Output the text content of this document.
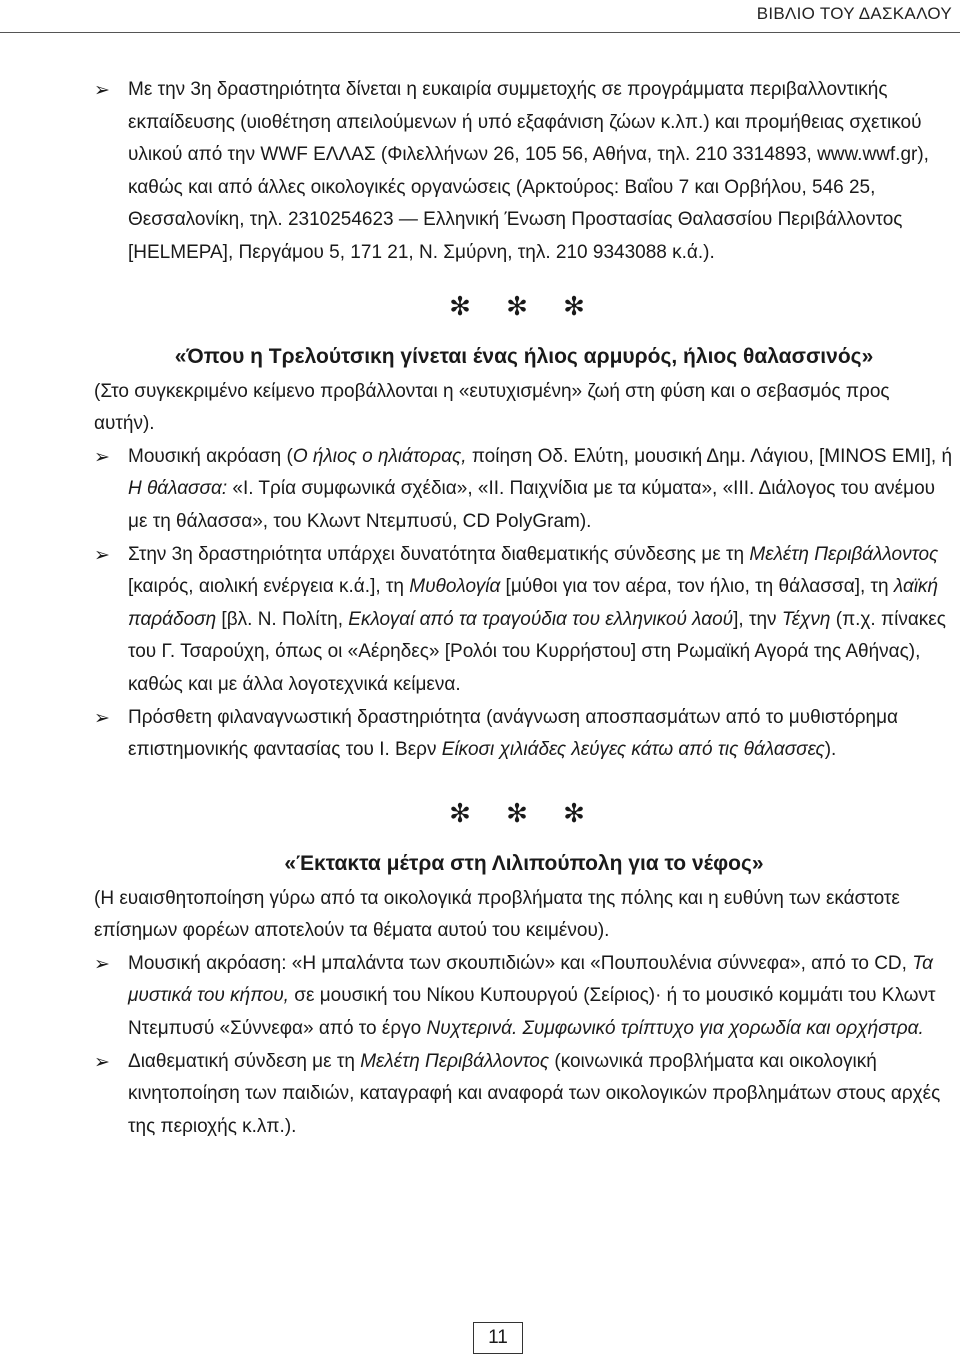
ΒΙΒΛΙΟ ΤΟΥ ΔΑΣΚΑΛΟΥ

➢ Με την 3η δραστηριότητα δίνεται η ευκαιρία συμμετοχής σε προγράμματα περιβαλλοντικής εκπαίδευσης (υιοθέτηση απειλούμενων ή υπό εξαφάνιση ζώων κ.λπ.) και προμήθειας σχετικού υλικού από την WWF ΕΛΛΑΣ (Φιλελλήνων 26, 105 56, Αθήνα, τηλ. 210 3314893, www.wwf.gr), καθώς και από άλλες οικολογικές οργανώσεις (Αρκτούρος: Βαΐου 7 και Ορβήλου, 546 25, Θεσσαλονίκη, τηλ. 2310254623 — Ελληνική Ένωση Προστασίας Θαλασσίου Περιβάλλοντος [HELMEPA], Περγάμου 5, 171 21, Ν. Σμύρνη, τηλ. 210 9343088 κ.ά.).

✻ ✻ ✻

«Όπου η Τρελούτσικη γίνεται ένας ήλιος αρμυρός, ήλιος θαλασσινός»

(Στο συγκεκριμένο κείμενο προβάλλονται η «ευτυχισμένη» ζωή στη φύση και ο σεβασμός προς αυτήν).

➢ Μουσική ακρόαση (Ο ήλιος ο ηλιάτορας, ποίηση Οδ. Ελύτη, μουσική Δημ. Λάγιου, [MINOS EMI], ή Η θάλασσα: «Ι. Τρία συμφωνικά σχέδια», «ΙΙ. Παιχνίδια με τα κύματα», «ΙΙΙ. Διάλογος του ανέμου με τη θάλασσα», του Κλωντ Ντεμπυσύ, CD PolyGram).

➢ Στην 3η δραστηριότητα υπάρχει δυνατότητα διαθεματικής σύνδεσης με τη Μελέτη Περιβάλλοντος [καιρός, αιολική ενέργεια κ.ά.], τη Μυθολογία [μύθοι για τον αέρα, τον ήλιο, τη θάλασσα], τη λαϊκή παράδοση [βλ. Ν. Πολίτη, Εκλογαί από τα τραγούδια του ελληνικού λαού], την Τέχνη (π.χ. πίνακες του Γ. Τσαρούχη, όπως οι «Αέρηδες» [Ρολόι του Κυρρήστου] στη Ρωμαϊκή Αγορά της Αθήνας), καθώς και με άλλα λογοτεχνικά κείμενα.

➢ Πρόσθετη φιλαναγνωστική δραστηριότητα (ανάγνωση αποσπασμάτων από το μυθιστόρημα επιστημονικής φαντασίας του Ι. Βερν Είκοσι χιλιάδες λεύγες κάτω από τις θάλασσες).

✻ ✻ ✻

«Έκτακτα μέτρα στη Λιλιπούπολη για το νέφος»

(Η ευαισθητοποίηση γύρω από τα οικολογικά προβλήματα της πόλης και η ευθύνη των εκάστοτε επίσημων φορέων αποτελούν τα θέματα αυτού του κειμένου).

➢ Μουσική ακρόαση: «Η μπαλάντα των σκουπιδιών» και «Πουπουλένια σύννεφα», από το CD, Τα μυστικά του κήπου, σε μουσική του Νίκου Κυπουργού (Σείριος)· ή το μουσικό κομμάτι του Κλωντ Ντεμπυσύ «Σύννεφα» από το έργο Νυχτερινά. Συμφωνικό τρίπτυχο για χορωδία και ορχήστρα.

➢ Διαθεματική σύνδεση με τη Μελέτη Περιβάλλοντος (κοινωνικά προβλήματα και οικολογική κινητοποίηση των παιδιών, καταγραφή και αναφορά των οικολογικών προβλημάτων στους αρχές της περιοχής κ.λπ.).

11
